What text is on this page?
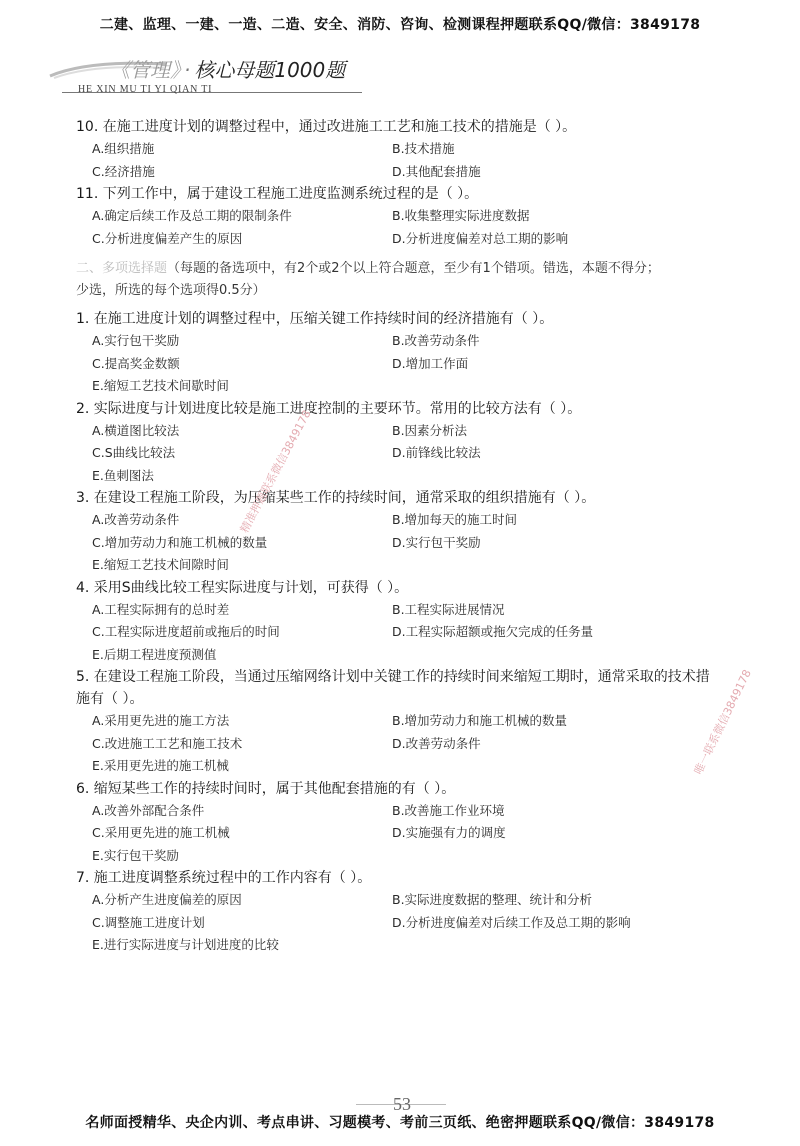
二建、监理、一建、一造、二造、安全、消防、咨询、检测课程押题联系QQ/微信：3849178
《管理》 · 核心母题1000题
HE XIN MU TI YI QIAN TI

10. 在施工进度计划的调整过程中，通过改进施工工艺和施工技术的措施是（ ）。

A.组织措施	B.技术措施
C.经济措施	D.其他配套措施

11. 下列工作中，属于建设工程施工进度监测系统过程的是（ ）。

A.确定后续工作及总工期的限制条件	B.收集整理实际进度数据
C.分析进度偏差产生的原因	D.分析进度偏差对总工期的影响
二、多项选择题（每题的备选项中，有2个或2个以上符合题意，至少有1个错项。错选，本题不得分；
少选，所选的每个选项得0.5分）

1. 在施工进度计划的调整过程中，压缩关键工作持续时间的经济措施有（ ）。

A.实行包干奖励	B.改善劳动条件
C.提高奖金数额	D.增加工作面
E.缩短工艺技术间歇时间

2. 实际进度与计划进度比较是施工进度控制的主要环节。常用的比较方法有（ ）。

A.横道图比较法	B.因素分析法
C.S曲线比较法	D.前锋线比较法
E.鱼刺图法

3. 在建设工程施工阶段，为压缩某些工作的持续时间，通常采取的组织措施有（ ）。

A.改善劳动条件	B.增加每天的施工时间
C.增加劳动力和施工机械的数量	D.实行包干奖励
E.缩短工艺技术间隙时间

4. 采用S曲线比较工程实际进度与计划，可获得（ ）。

A.工程实际拥有的总时差	B.工程实际进展情况
C.工程实际进度超前或拖后的时间	D.工程实际超额或拖欠完成的任务量
E.后期工程进度预测值

5. 在建设工程施工阶段，当通过压缩网络计划中关键工作的持续时间来缩短工期时，通常采取的技术措

施有（ ）。

A.采用更先进的施工方法	B.增加劳动力和施工机械的数量
C.改进施工工艺和施工技术	D.改善劳动条件
E.采用更先进的施工机械

6. 缩短某些工作的持续时间时，属于其他配套措施的有（ ）。

A.改善外部配合条件	B.改善施工作业环境
C.采用更先进的施工机械	D.实施强有力的调度
E.实行包干奖励

7. 施工进度调整系统过程中的工作内容有（ ）。

A.分析产生进度偏差的原因	B.实际进度数据的整理、统计和分析
C.调整施工进度计划	D.分析进度偏差对后续工作及总工期的影响
E.进行实际进度与计划进度的比较
精准押题联系微信3849178
唯一联系微信3849178
53
名师面授精华、央企内训、考点串讲、习题模考、考前三页纸、绝密押题联系QQ/微信：3849178
